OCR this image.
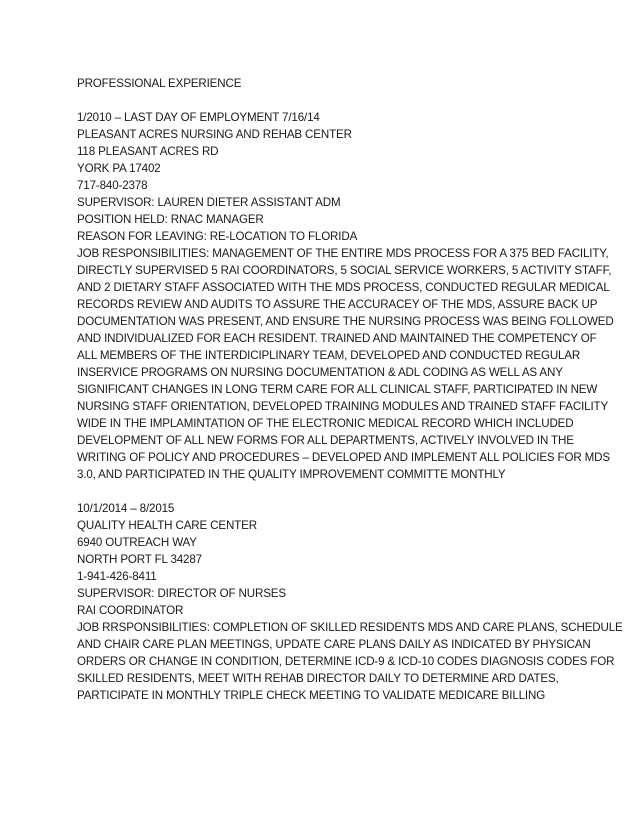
PROFESSIONAL EXPERIENCE
1/2010 – LAST DAY OF EMPLOYMENT 7/16/14
PLEASANT ACRES NURSING AND REHAB CENTER
118 PLEASANT ACRES RD
YORK PA 17402
717-840-2378
SUPERVISOR: LAUREN DIETER ASSISTANT ADM
POSITION HELD: RNAC MANAGER
REASON FOR LEAVING: RE-LOCATION TO FLORIDA
JOB RESPONSIBILITIES: MANAGEMENT OF THE ENTIRE MDS PROCESS FOR A 375 BED FACILITY,
DIRECTLY SUPERVISED 5 RAI COORDINATORS, 5 SOCIAL SERVICE WORKERS, 5 ACTIVITY STAFF,
AND 2 DIETARY STAFF ASSOCIATED WITH THE MDS PROCESS, CONDUCTED REGULAR MEDICAL
RECORDS REVIEW AND AUDITS TO ASSURE THE ACCURACEY OF THE MDS, ASSURE BACK UP
DOCUMENTATION WAS PRESENT, AND ENSURE THE NURSING PROCESS WAS BEING FOLLOWED
AND INDIVIDUALIZED FOR EACH RESIDENT. TRAINED AND MAINTAINED THE COMPETENCY OF
ALL MEMBERS OF THE INTERDICIPLINARY TEAM, DEVELOPED AND CONDUCTED REGULAR
INSERVICE PROGRAMS ON NURSING DOCUMENTATION & ADL CODING AS WELL AS ANY
SIGNIFICANT CHANGES IN LONG TERM CARE FOR ALL CLINICAL STAFF, PARTICIPATED IN NEW
NURSING STAFF ORIENTATION, DEVELOPED TRAINING MODULES AND TRAINED STAFF FACILITY
WIDE IN THE IMPLAMINTATION OF THE ELECTRONIC MEDICAL RECORD WHICH INCLUDED
DEVELOPMENT OF ALL NEW FORMS FOR ALL DEPARTMENTS, ACTIVELY INVOLVED IN THE
WRITING OF POLICY AND PROCEDURES – DEVELOPED AND IMPLEMENT ALL POLICIES FOR MDS
3.0, AND PARTICIPATED IN THE QUALITY IMPROVEMENT COMMITTE MONTHLY
10/1/2014 – 8/2015
QUALITY HEALTH CARE CENTER
6940 OUTREACH WAY
NORTH PORT FL 34287
1-941-426-8411
SUPERVISOR: DIRECTOR OF NURSES
RAI COORDINATOR
JOB RRSPONSIBILITIES: COMPLETION OF SKILLED RESIDENTS MDS AND CARE PLANS, SCHEDULE
AND CHAIR CARE PLAN MEETINGS, UPDATE CARE PLANS DAILY AS INDICATED BY PHYSICAN
ORDERS OR CHANGE IN CONDITION, DETERMINE ICD-9 & ICD-10 CODES DIAGNOSIS CODES FOR
SKILLED RESIDENTS, MEET WITH REHAB DIRECTOR DAILY TO DETERMINE ARD DATES,
PARTICIPATE IN MONTHLY TRIPLE CHECK MEETING TO VALIDATE MEDICARE BILLING
